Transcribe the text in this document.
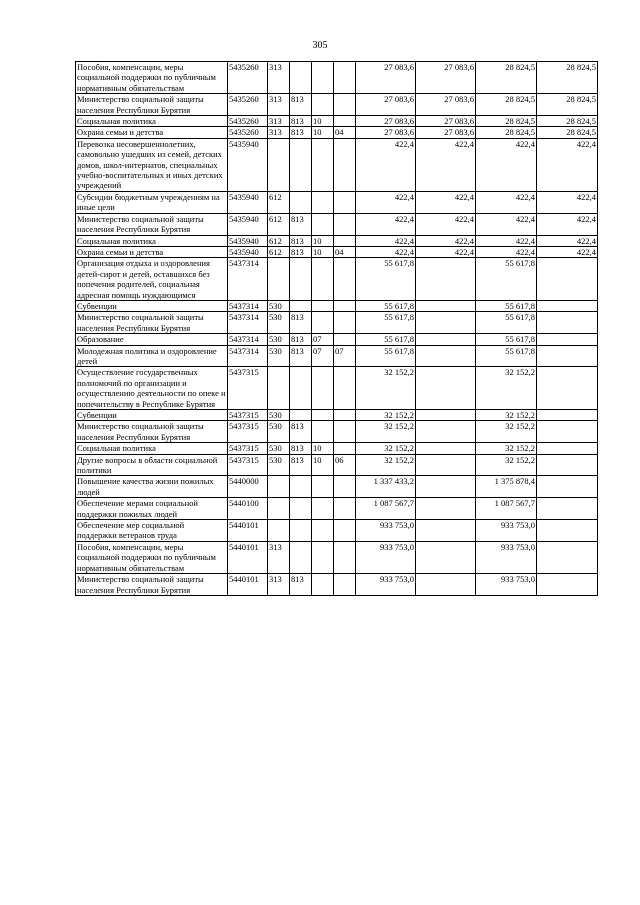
305
Пособия, компенсации, меры социальной поддержки по публичным нормативным обязательствам	5435260	313				27 083,6	27 083,6	28 824,5	28 824,5
Министерство социальной защиты населения Республики Бурятия	5435260	313	813			27 083,6	27 083,6	28 824,5	28 824,5
Социальная политика	5435260	313	813	10		27 083,6	27 083,6	28 824,5	28 824,5
Охрана семьи и детства	5435260	313	813	10	04	27 083,6	27 083,6	28 824,5	28 824,5
Перевозка несовершеннолетних, самовольно ушедших из семей, детских домов, школ-интернатов, специальных учебно-воспитательных и иных детских учреждений	5435940					422,4	422,4	422,4	422,4
Субсидии бюджетным учреждениям на иные цели	5435940	612				422,4	422,4	422,4	422,4
Министерство социальной защиты населения Республики Бурятия	5435940	612	813			422,4	422,4	422,4	422,4
Социальная политика	5435940	612	813	10		422,4	422,4	422,4	422,4
Охрана семьи и детства	5435940	612	813	10	04	422,4	422,4	422,4	422,4
Организация отдыха и оздоровления детей-сирот и детей, оставшихся без попечения родителей, социальная адресная помощь нуждающимся	5437314					55 617,8		55 617,8	
Субвенции	5437314	530				55 617,8		55 617,8	
Министерство социальной защиты населения Республики Бурятия	5437314	530	813			55 617,8		55 617,8	
Образование	5437314	530	813	07		55 617,8		55 617,8	
Молодежная политика и оздоровление детей	5437314	530	813	07	07	55 617,8		55 617,8	
Осуществление государственных полномочий по организации и осуществлению деятельности по опеке и попечительству в Республике Бурятия	5437315					32 152,2		32 152,2	
Субвенции	5437315	530				32 152,2		32 152,2	
Министерство социальной защиты населения Республики Бурятия	5437315	530	813			32 152,2		32 152,2	
Социальная политика	5437315	530	813	10		32 152,2		32 152,2	
Другие вопросы в области социальной политики	5437315	530	813	10	06	32 152,2		32 152,2	
Повышение качества жизни пожилых людей	5440000					1 337 433,2		1 375 878,4	
Обеспечение мерами социальной поддержки пожилых людей	5440100					1 087 567,7		1 087 567,7	
Обеспечение мер социальной поддержки ветеранов труда	5440101					933 753,0		933 753,0	
Пособия, компенсации, меры социальной поддержки по публичным нормативным обязательствам	5440101	313				933 753,0		933 753,0	
Министерство социальной защиты населения Республики Бурятия	5440101	313	813			933 753,0		933 753,0	
